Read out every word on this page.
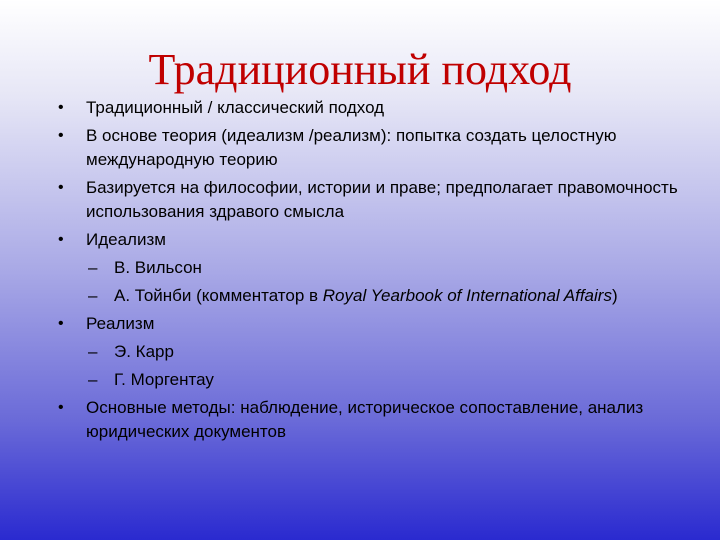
Традиционный подход
• Традиционный / классический подход
• В основе теория (идеализм /реализм): попытка создать целостную международную теорию
• Базируется на философии, истории и праве; предполагает правомочность использования здравого смысла
• Идеализм
– В. Вильсон
– А. Тойнби (комментатор в Royal Yearbook of International Affairs)
• Реализм
– Э. Карр
– Г. Моргентау
• Основные методы: наблюдение, историческое сопоставление, анализ юридических документов
